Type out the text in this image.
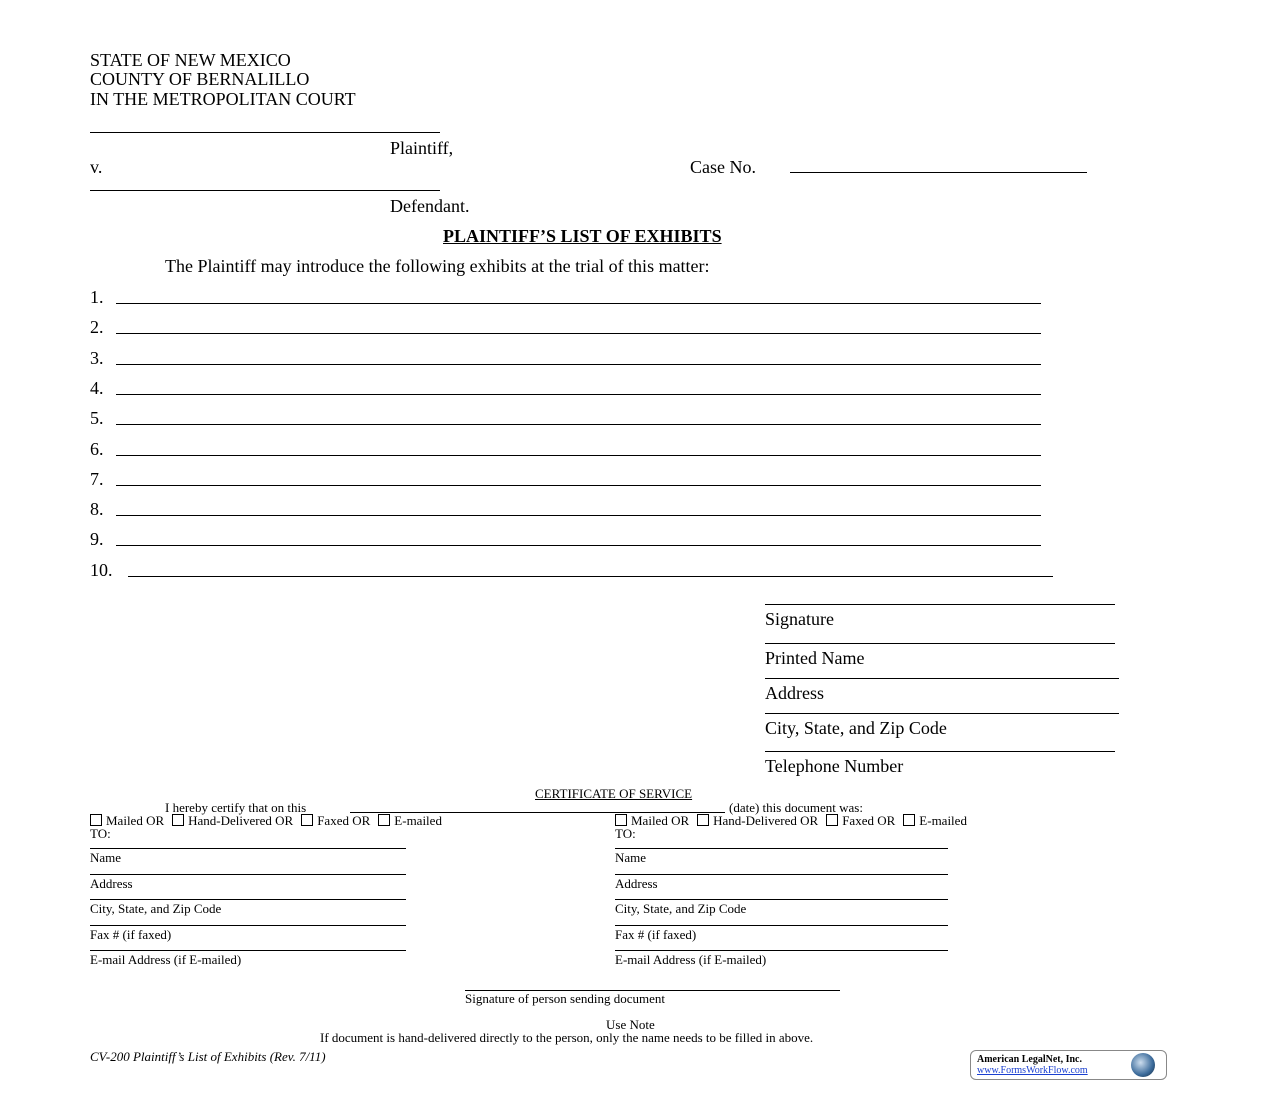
STATE OF NEW MEXICO
COUNTY OF BERNALILLO
IN THE METROPOLITAN COURT
Plaintiff,
v.	Case No.
Defendant.
PLAINTIFF’S LIST OF EXHIBITS
The Plaintiff may introduce the following exhibits at the trial of this matter:
CERTIFICATE OF SERVICE
I hereby certify that on this	(date) this document was:
Signature of person sending document
Use Note
If document is hand-delivered directly to the person, only the name needs to be filled in above.
CV-200 Plaintiff’s List of Exhibits (Rev. 7/11)	American LegalNet, Inc.
www.FormsWorkFlow.com
1.
2.
3.
4.
5.
6.
7.
8.
9.
10.
Signature
Printed Name
Address
City, State, and Zip Code
Telephone Number
Mailed OR Hand-Delivered OR Faxed OR E-mailed
TO:
Name
Address
City, State, and Zip Code
Fax # (if faxed)
E-mail Address (if E-mailed)
Mailed OR Hand-Delivered OR Faxed OR E-mailed
TO:
Name
Address
City, State, and Zip Code
Fax # (if faxed)
E-mail Address (if E-mailed)
